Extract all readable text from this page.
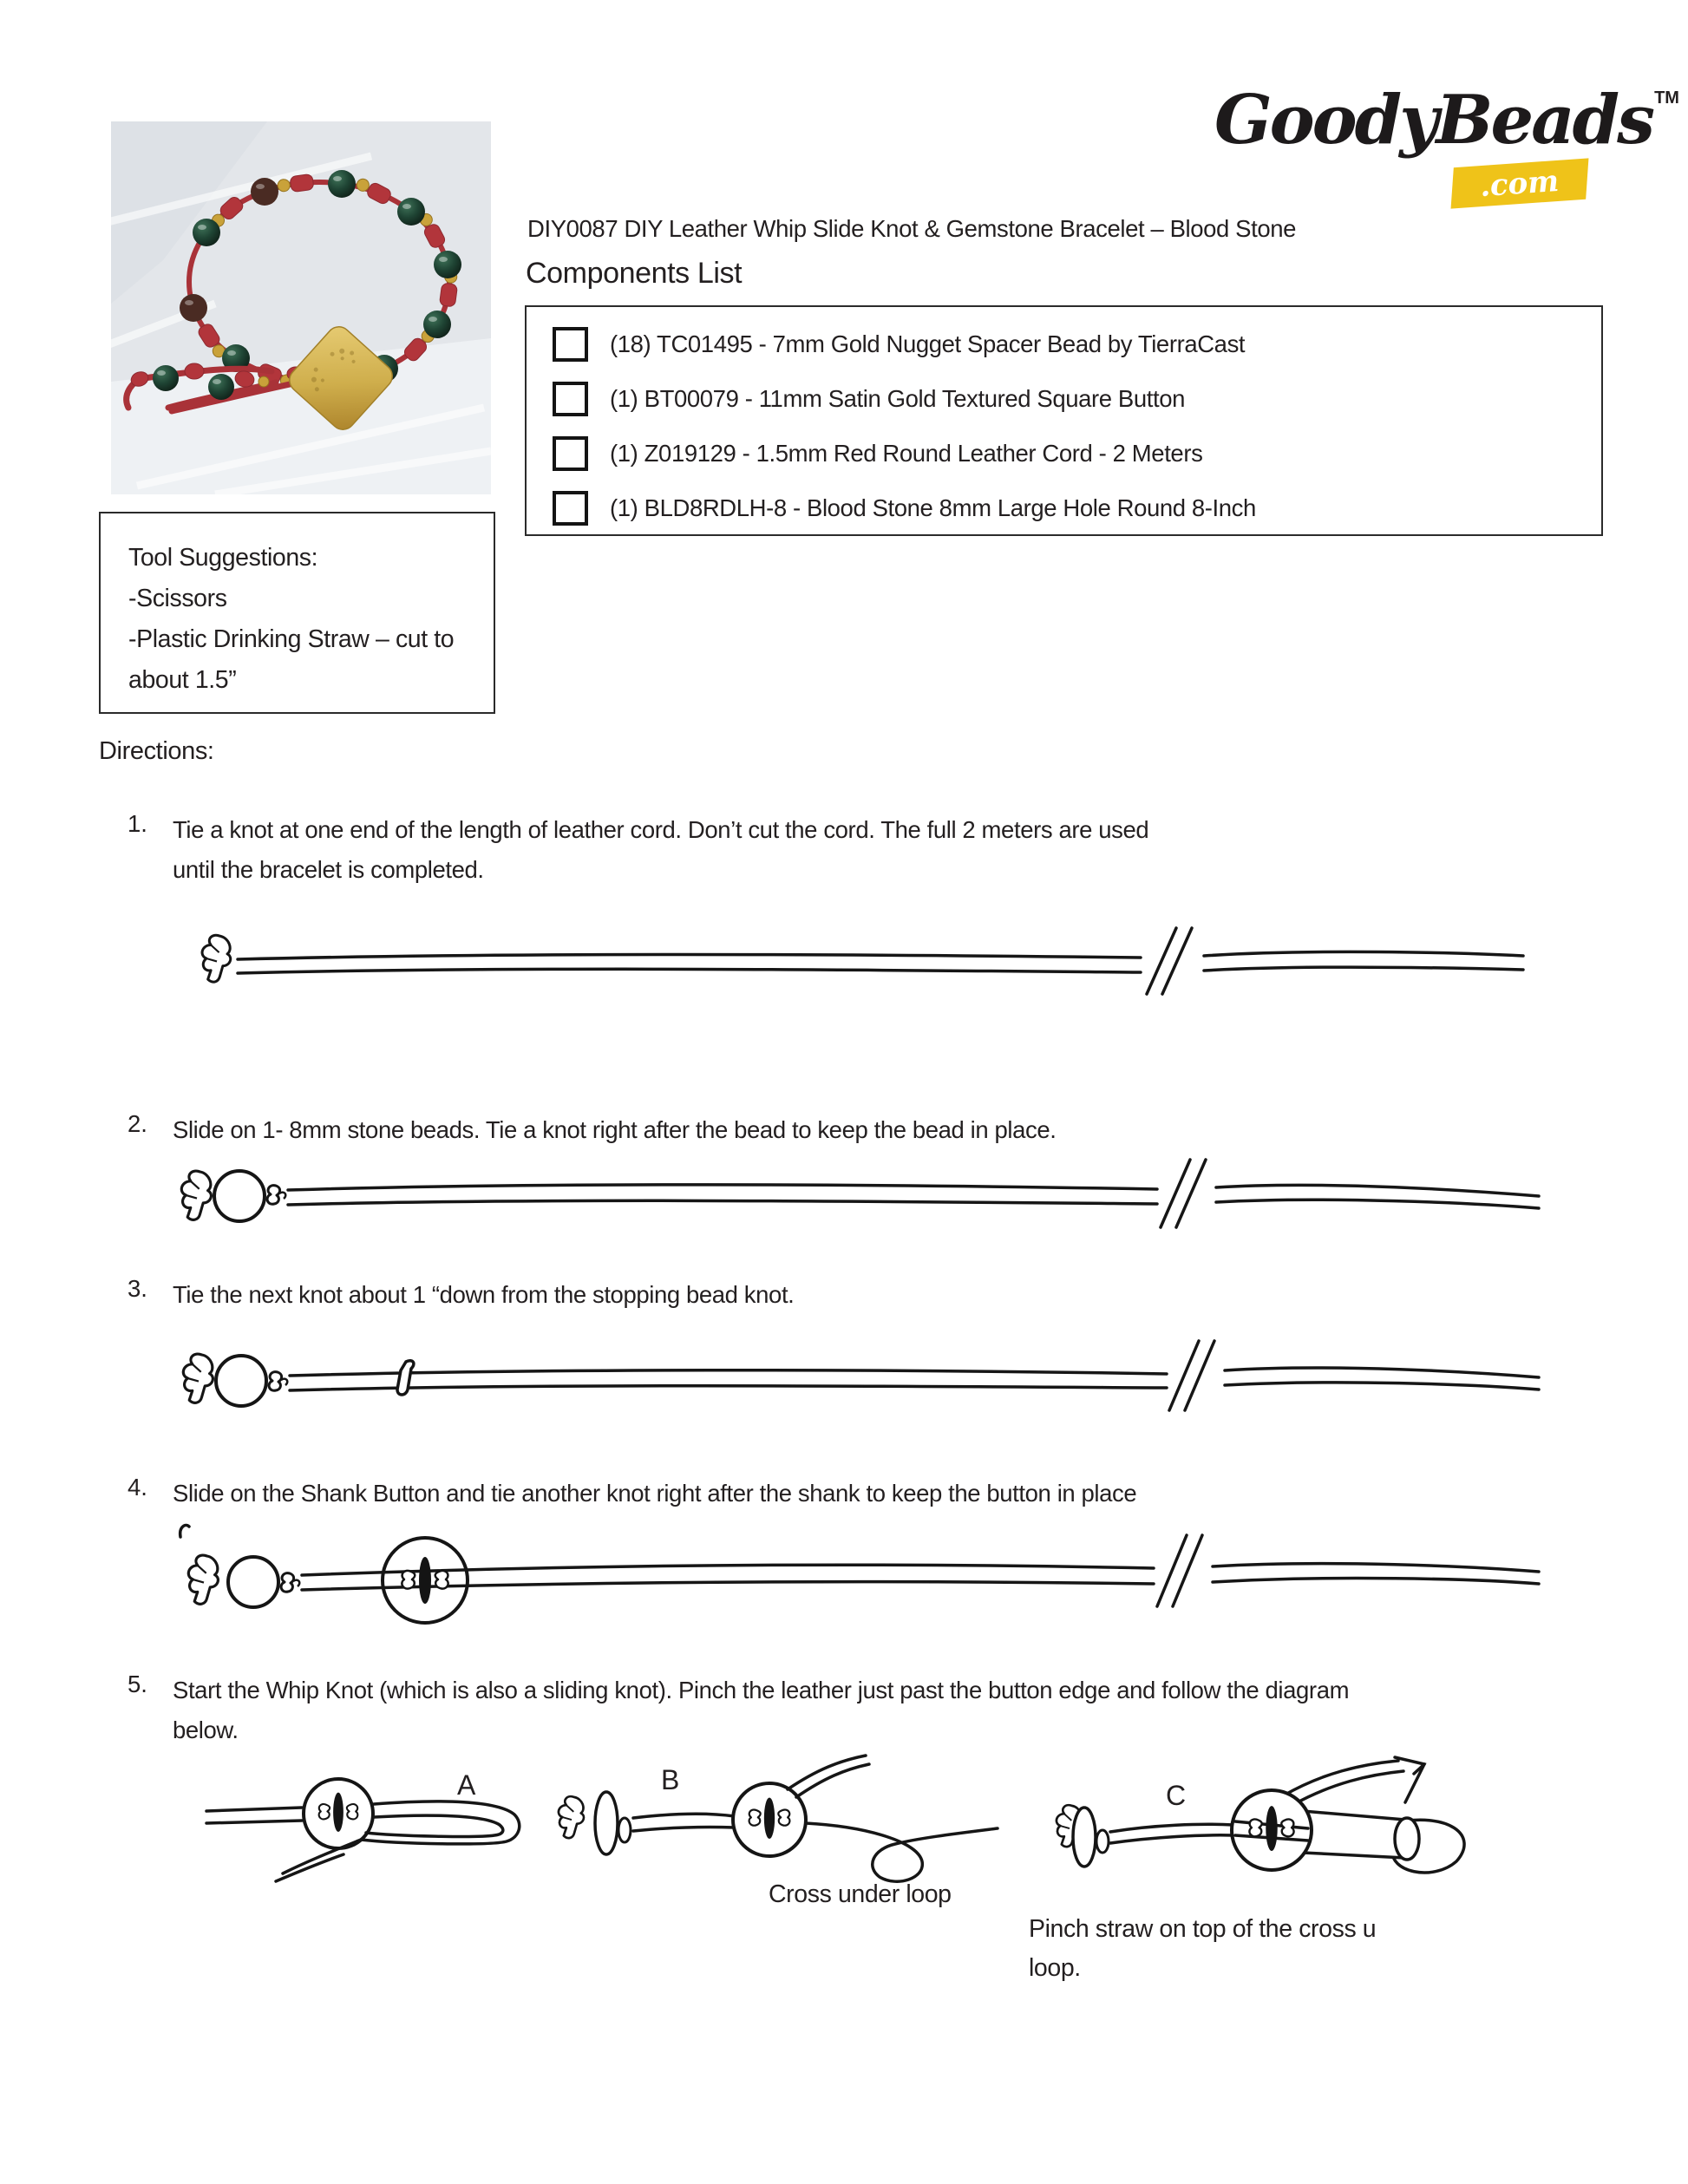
GoodyBeads TM
.com
DIY0087 DIY Leather Whip Slide Knot & Gemstone Bracelet – Blood Stone
Components List
(18) TC01495 - 7mm Gold Nugget Spacer Bead by TierraCast
(1) BT00079 - 11mm Satin Gold Textured Square Button
(1) Z019129 - 1.5mm Red Round Leather Cord - 2 Meters
(1) BLD8RDLH-8 - Blood Stone 8mm Large Hole Round 8-Inch
Tool Suggestions:
-Scissors
-Plastic Drinking Straw – cut to about 1.5”
Directions:
1.	Tie a knot at one end of the length of leather cord. Don’t cut the cord. The full 2 meters are used
until the bracelet is completed.
2.	Slide on 1- 8mm stone beads. Tie a knot right after the bead to keep the bead in place.
3.	Tie the next knot about 1 “down from the stopping bead knot.
4.	Slide on the Shank Button and tie another knot right after the shank to keep the button in place
5.	Start the Whip Knot (which is also a sliding knot). Pinch the leather just past the button edge and follow the diagram below.
A	B	C
Cross under loop
Pinch straw on top of the cross u
loop.
